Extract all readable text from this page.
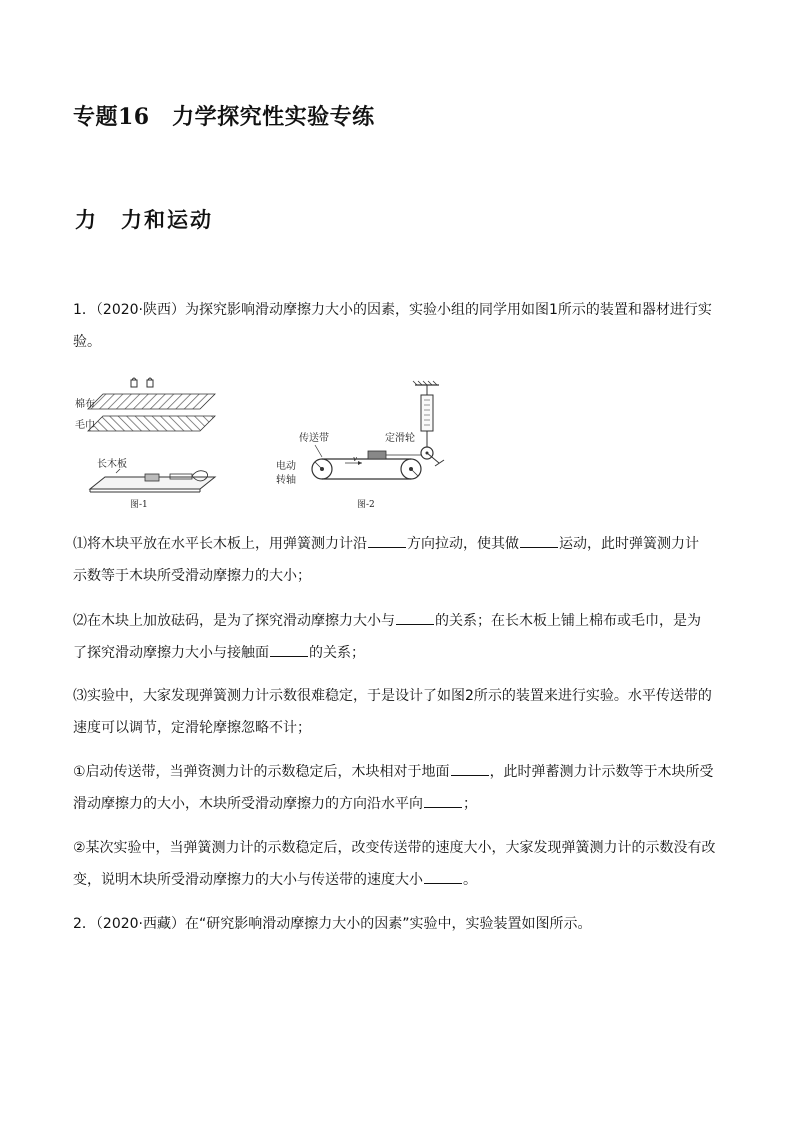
专题16　力学探究性实验专练
力　力和运动

1．（2020·陕西）为探究影响滑动摩擦力大小的因素，实验小组的同学用如图1所示的装置和器材进行实
验。

棉布
毛巾
长木板
图-1
定滑轮
v
传送带
电动
转轴
图-2

⑴将木块平放在水平长木板上，用弹簧测力计沿	方向拉动，使其做	运动，此时弹簧测力计
示数等于木块所受滑动摩擦力的大小；

⑵在木块上加放砝码，是为了探究滑动摩擦力大小与	的关系；在长木板上铺上棉布或毛巾，是为
了探究滑动摩擦力大小与接触面	的关系；

⑶实验中，大家发现弹簧测力计示数很难稳定，于是设计了如图2所示的装置来进行实验。水平传送带的
速度可以调节，定滑轮摩擦忽略不计；

①启动传送带，当弹资测力计的示数稳定后，木块相对于地面	，此时弹蓄测力计示数等于木块所受
滑动摩擦力的大小，木块所受滑动摩擦力的方向沿水平向	；

②某次实验中，当弹簧测力计的示数稳定后，改变传送带的速度大小，大家发现弹簧测力计的示数没有改
变，说明木块所受滑动摩擦力的大小与传送带的速度大小	。

2．（2020·西藏）在“研究影响滑动摩擦力大小的因素”实验中，实验装置如图所示。
